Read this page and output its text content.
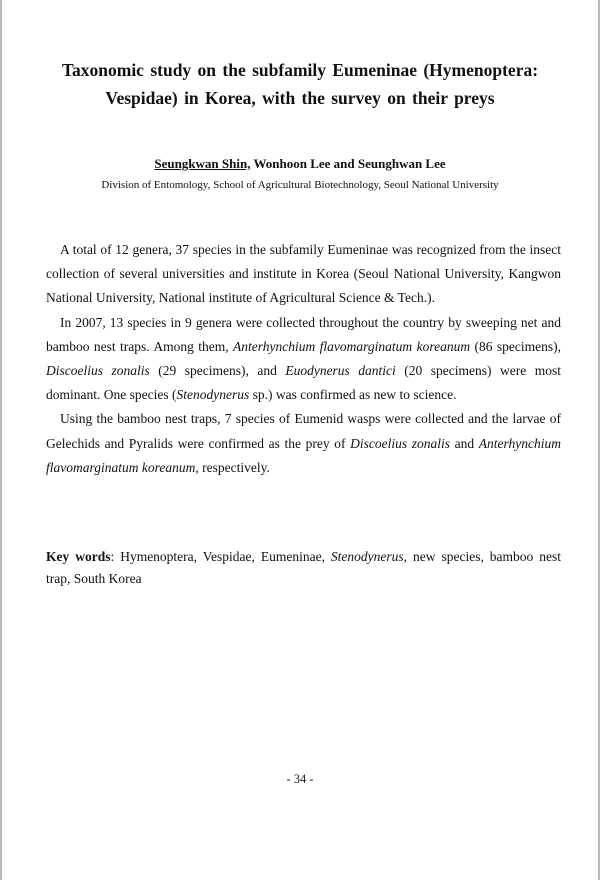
Taxonomic study on the subfamily Eumeninae (Hymenoptera:
Vespidae) in Korea, with the survey on their preys
Seungkwan Shin, Wonhoon Lee and Seunghwan Lee
Division of Entomology, School of Agricultural Biotechnology, Seoul National University

A total of 12 genera, 37 species in the subfamily Eumeninae was recognized from the insect collection of several universities and institute in Korea (Seoul National University, Kangwon National University, National institute of Agricultural Science & Tech.).

In 2007, 13 species in 9 genera were collected throughout the country by sweeping net and bamboo nest traps. Among them, Anterhynchium flavomarginatum koreanum (86 specimens), Discoelius zonalis (29 specimens), and Euodynerus dantici (20 specimens) were most dominant. One species (Stenodynerus sp.) was confirmed as new to science.

Using the bamboo nest traps, 7 species of Eumenid wasps were collected and the larvae of Gelechids and Pyralids were confirmed as the prey of Discoelius zonalis and Anterhynchium flavomarginatum koreanum, respectively.

Key words: Hymenoptera, Vespidae, Eumeninae, Stenodynerus, new species, bamboo nest trap, South Korea
- 34 -
